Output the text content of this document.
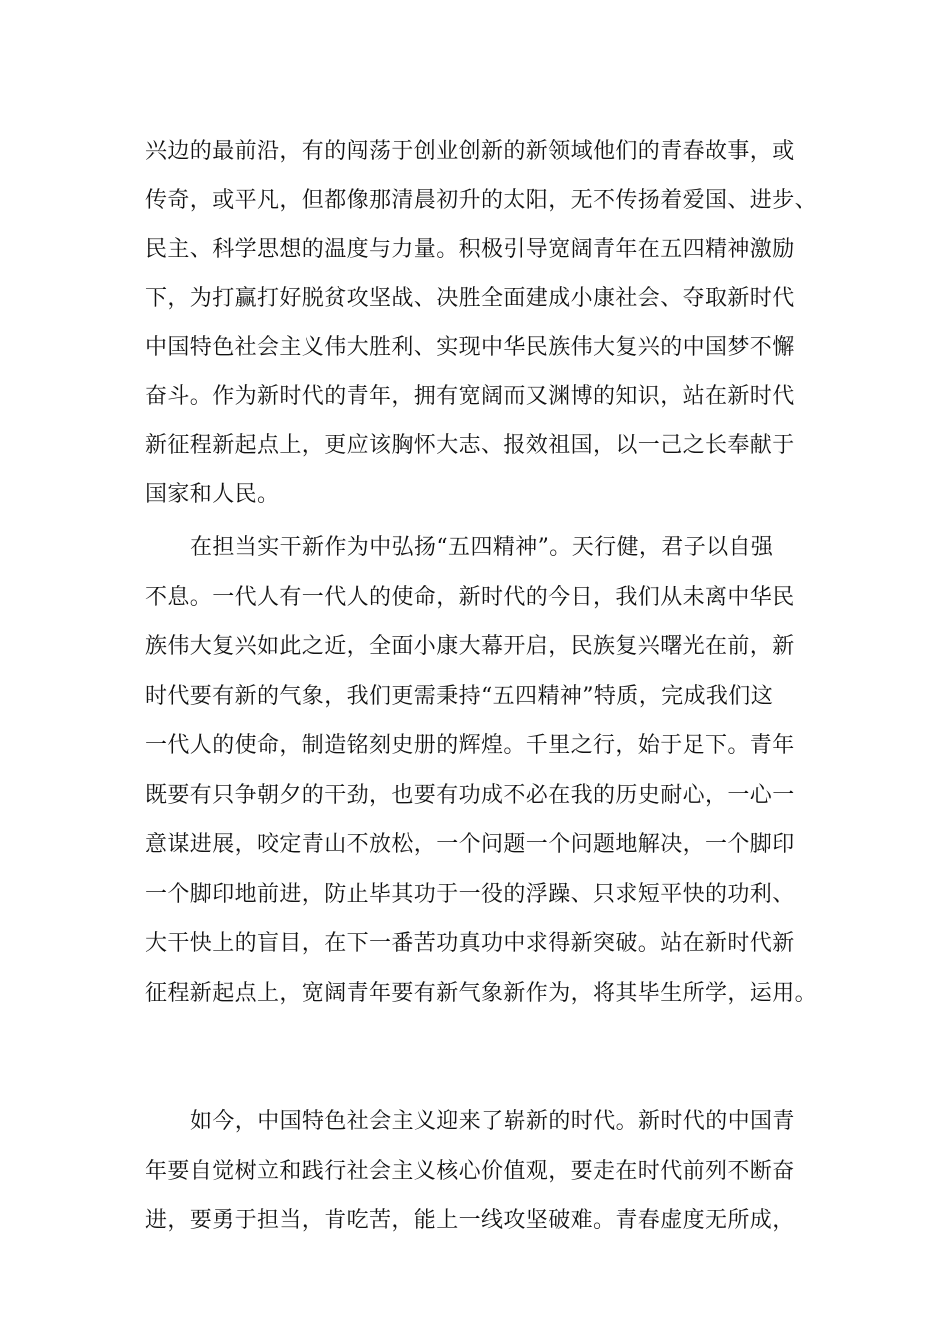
兴边的最前沿，有的闯荡于创业创新的新领域他们的青春故事，或
传奇，或平凡，但都像那清晨初升的太阳，无不传扬着爱国、进步、
民主、科学思想的温度与力量。积极引导宽阔青年在五四精神激励
下，为打赢打好脱贫攻坚战、决胜全面建成小康社会、夺取新时代
中国特色社会主义伟大胜利、实现中华民族伟大复兴的中国梦不懈
奋斗。作为新时代的青年，拥有宽阔而又渊博的知识，站在新时代
新征程新起点上，更应该胸怀大志、报效祖国，以一己之长奉献于
国家和人民。
在担当实干新作为中弘扬“五四精神”。天行健，君子以自强
不息。一代人有一代人的使命，新时代的今日，我们从未离中华民
族伟大复兴如此之近，全面小康大幕开启，民族复兴曙光在前，新
时代要有新的气象，我们更需秉持“五四精神”特质，完成我们这
一代人的使命，制造铭刻史册的辉煌。千里之行，始于足下。青年
既要有只争朝夕的干劲，也要有功成不必在我的历史耐心，一心一
意谋进展，咬定青山不放松，一个问题一个问题地解决，一个脚印
一个脚印地前进，防止毕其功于一役的浮躁、只求短平快的功利、
大干快上的盲目，在下一番苦功真功中求得新突破。站在新时代新
征程新起点上，宽阔青年要有新气象新作为，将其毕生所学，运用。
如今，中国特色社会主义迎来了崭新的时代。新时代的中国青
年要自觉树立和践行社会主义核心价值观，要走在时代前列不断奋
进，要勇于担当，肯吃苦，能上一线攻坚破难。青春虚度无所成，
